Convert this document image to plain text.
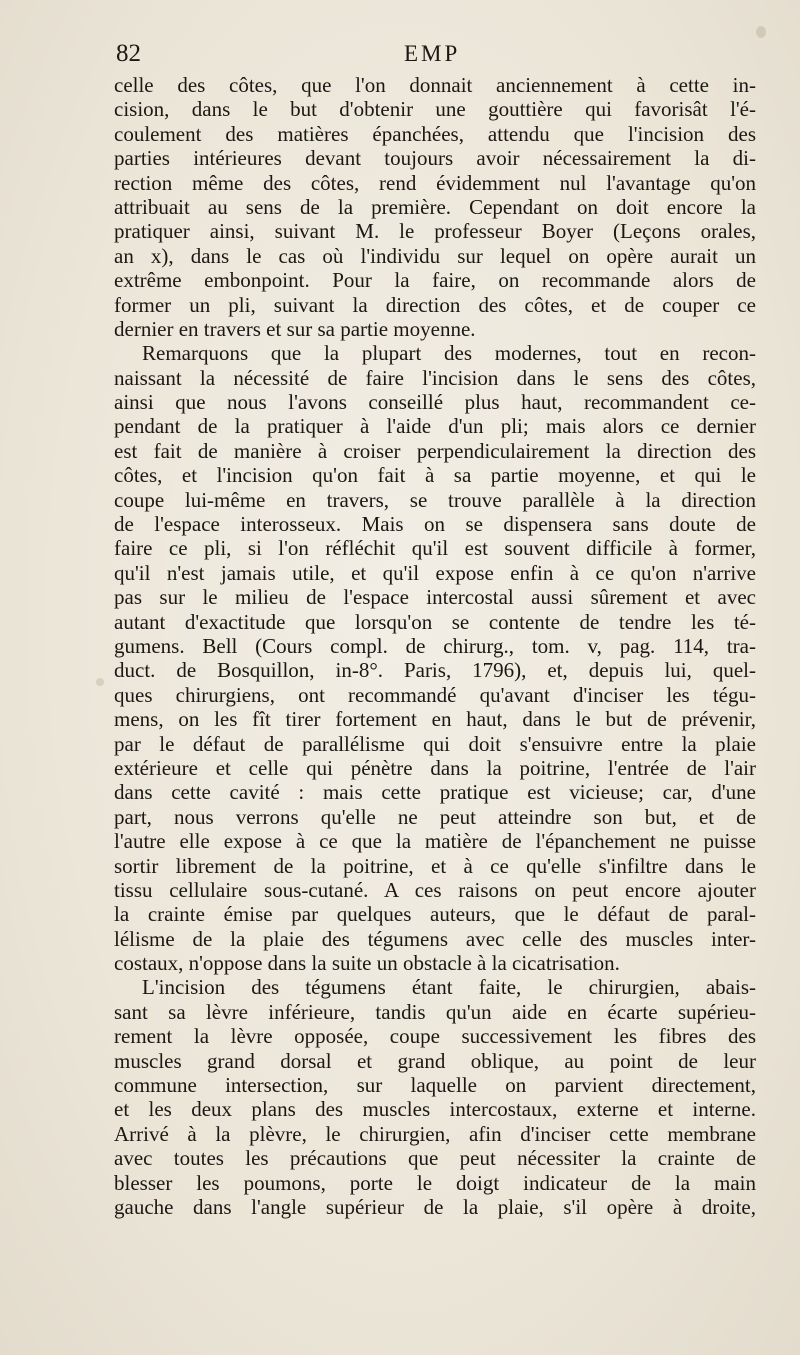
82	EMP
celle des côtes, que l'on donnait anciennement à cette in-
cision, dans le but d'obtenir une gouttière qui favorisât l'é-
coulement des matières épanchées, attendu que l'incision des
parties intérieures devant toujours avoir nécessairement la di-
rection même des côtes, rend évidemment nul l'avantage qu'on
attribuait au sens de la première. Cependant on doit encore la
pratiquer ainsi, suivant M. le professeur Boyer (Leçons orales,
an x), dans le cas où l'individu sur lequel on opère aurait un
extrême embonpoint. Pour la faire, on recommande alors de
former un pli, suivant la direction des côtes, et de couper ce
dernier en travers et sur sa partie moyenne.
Remarquons que la plupart des modernes, tout en recon-
naissant la nécessité de faire l'incision dans le sens des côtes,
ainsi que nous l'avons conseillé plus haut, recommandent ce-
pendant de la pratiquer à l'aide d'un pli; mais alors ce dernier
est fait de manière à croiser perpendiculairement la direction des
côtes, et l'incision qu'on fait à sa partie moyenne, et qui le
coupe lui-même en travers, se trouve parallèle à la direction
de l'espace interosseux. Mais on se dispensera sans doute de
faire ce pli, si l'on réfléchit qu'il est souvent difficile à former,
qu'il n'est jamais utile, et qu'il expose enfin à ce qu'on n'arrive
pas sur le milieu de l'espace intercostal aussi sûrement et avec
autant d'exactitude que lorsqu'on se contente de tendre les té-
gumens. Bell (Cours compl. de chirurg., tom. v, pag. 114, tra-
duct. de Bosquillon, in-8°. Paris, 1796), et, depuis lui, quel-
ques chirurgiens, ont recommandé qu'avant d'inciser les tégu-
mens, on les fît tirer fortement en haut, dans le but de prévenir,
par le défaut de parallélisme qui doit s'ensuivre entre la plaie
extérieure et celle qui pénètre dans la poitrine, l'entrée de l'air
dans cette cavité : mais cette pratique est vicieuse; car, d'une
part, nous verrons qu'elle ne peut atteindre son but, et de
l'autre elle expose à ce que la matière de l'épanchement ne puisse
sortir librement de la poitrine, et à ce qu'elle s'infiltre dans le
tissu cellulaire sous-cutané. A ces raisons on peut encore ajouter
la crainte émise par quelques auteurs, que le défaut de paral-
lélisme de la plaie des tégumens avec celle des muscles inter-
costaux, n'oppose dans la suite un obstacle à la cicatrisation.
L'incision des tégumens étant faite, le chirurgien, abais-
sant sa lèvre inférieure, tandis qu'un aide en écarte supérieu-
rement la lèvre opposée, coupe successivement les fibres des
muscles grand dorsal et grand oblique, au point de leur
commune intersection, sur laquelle on parvient directement,
et les deux plans des muscles intercostaux, externe et interne.
Arrivé à la plèvre, le chirurgien, afin d'inciser cette membrane
avec toutes les précautions que peut nécessiter la crainte de
blesser les poumons, porte le doigt indicateur de la main
gauche dans l'angle supérieur de la plaie, s'il opère à droite,
